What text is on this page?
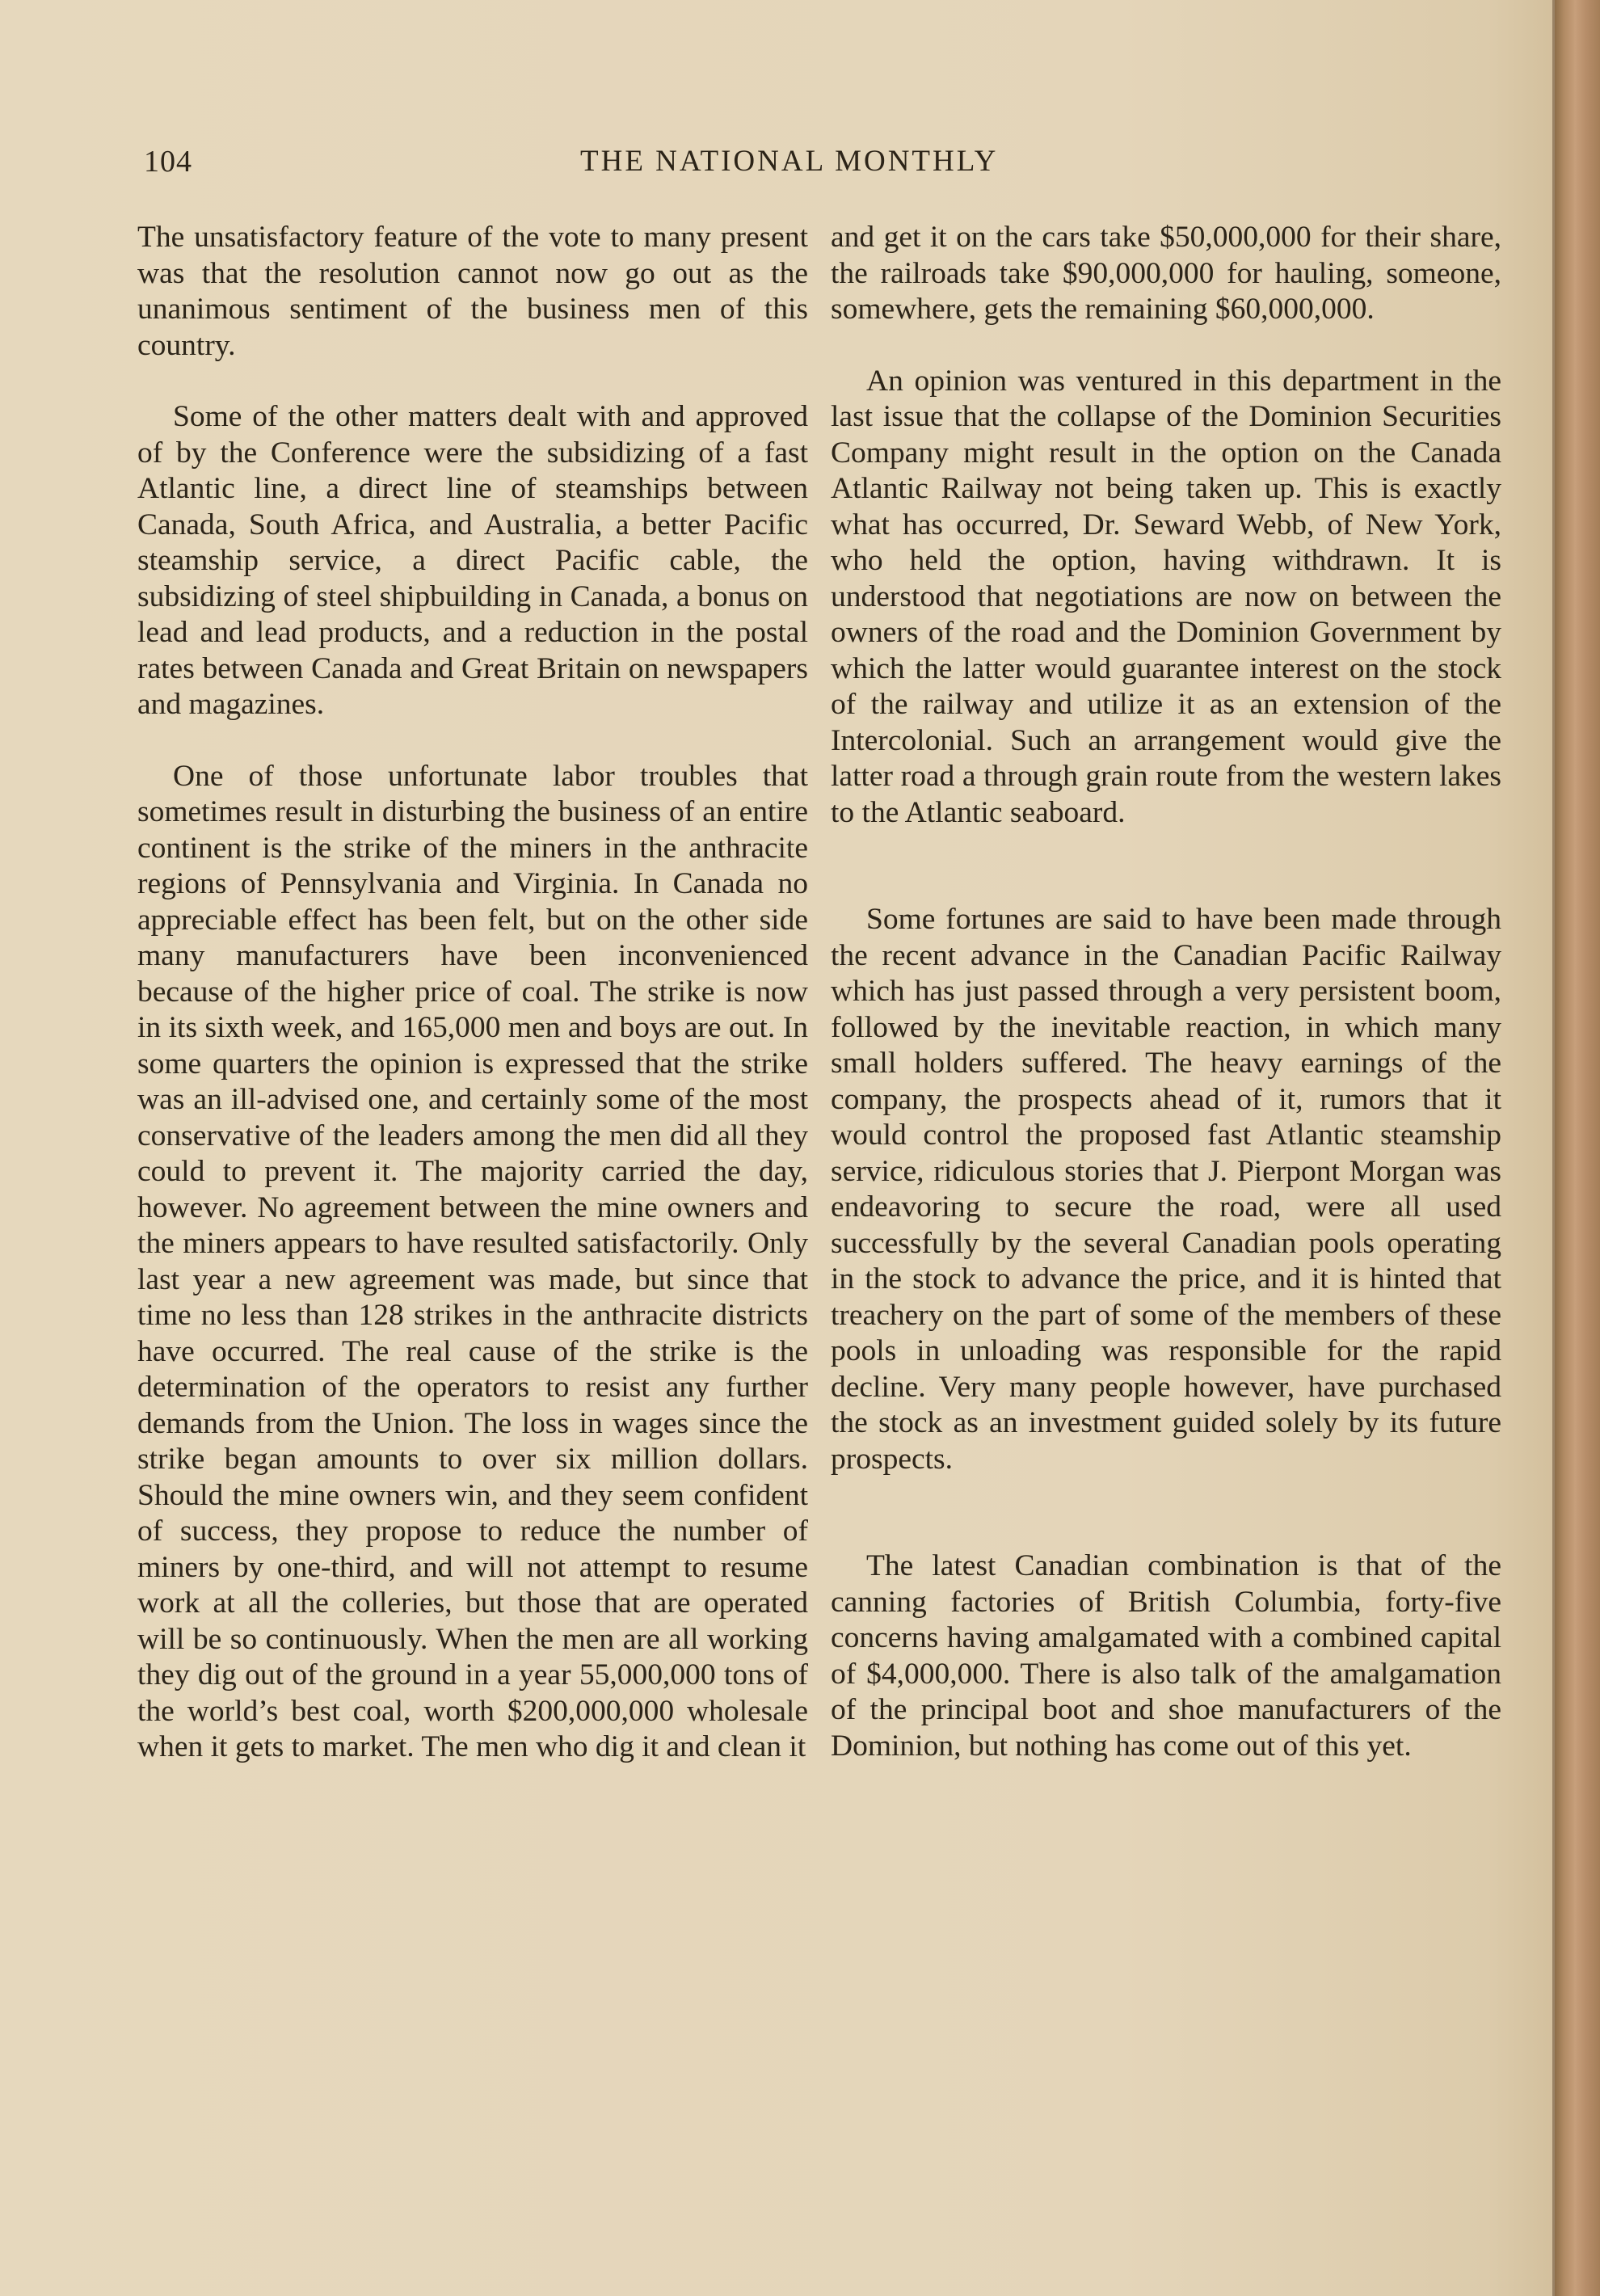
104	THE NATIONAL MONTHLY

The unsatisfactory feature of the vote to many present was that the resolution cannot now go out as the unanimous sentiment of the business men of this country.

Some of the other matters dealt with and approved of by the Conference were the subsidizing of a fast Atlantic line, a direct line of steamships between Canada, South Africa, and Australia, a better Pacific steamship service, a direct Pacific cable, the subsidizing of steel shipbuilding in Canada, a bonus on lead and lead products, and a reduction in the postal rates between Canada and Great Britain on newspapers and magazines.

One of those unfortunate labor troubles that sometimes result in disturbing the business of an entire continent is the strike of the miners in the anthracite regions of Pennsylvania and Virginia. In Canada no appreciable effect has been felt, but on the other side many manufacturers have been inconvenienced because of the higher price of coal. The strike is now in its sixth week, and 165,000 men and boys are out. In some quarters the opinion is expressed that the strike was an ill-advised one, and certainly some of the most conservative of the leaders among the men did all they could to prevent it. The majority carried the day, however. No agreement between the mine owners and the miners appears to have resulted satisfactorily. Only last year a new agreement was made, but since that time no less than 128 strikes in the anthracite districts have occurred. The real cause of the strike is the determination of the operators to resist any further demands from the Union. The loss in wages since the strike began amounts to over six million dollars. Should the mine owners win, and they seem confident of success, they propose to reduce the number of miners by one-third, and will not attempt to resume work at all the colleries, but those that are operated will be so continuously. When the men are all working they dig out of the ground in a year 55,000,000 tons of the world’s best coal, worth $200,000,000 wholesale when it gets to market. The men who dig it and clean it

and get it on the cars take $50,000,000 for their share, the railroads take $90,000,000 for hauling, someone, somewhere, gets the remaining $60,000,000.

An opinion was ventured in this department in the last issue that the collapse of the Dominion Securities Company might result in the option on the Canada Atlantic Railway not being taken up. This is exactly what has occurred, Dr. Seward Webb, of New York, who held the option, having withdrawn. It is understood that negotiations are now on between the owners of the road and the Dominion Government by which the latter would guarantee interest on the stock of the railway and utilize it as an extension of the Intercolonial. Such an arrangement would give the latter road a through grain route from the western lakes to the Atlantic seaboard.

Some fortunes are said to have been made through the recent advance in the Canadian Pacific Railway which has just passed through a very persistent boom, followed by the inevitable reaction, in which many small holders suffered. The heavy earnings of the company, the prospects ahead of it, rumors that it would control the proposed fast Atlantic steamship service, ridiculous stories that J. Pierpont Morgan was endeavoring to secure the road, were all used successfully by the several Canadian pools operating in the stock to advance the price, and it is hinted that treachery on the part of some of the members of these pools in unloading was responsible for the rapid decline. Very many people however, have purchased the stock as an investment guided solely by its future prospects.

The latest Canadian combination is that of the canning factories of British Columbia, forty-five concerns having amalgamated with a combined capital of $4,000,000. There is also talk of the amalgamation of the principal boot and shoe manufacturers of the Dominion, but nothing has come out of this yet.
